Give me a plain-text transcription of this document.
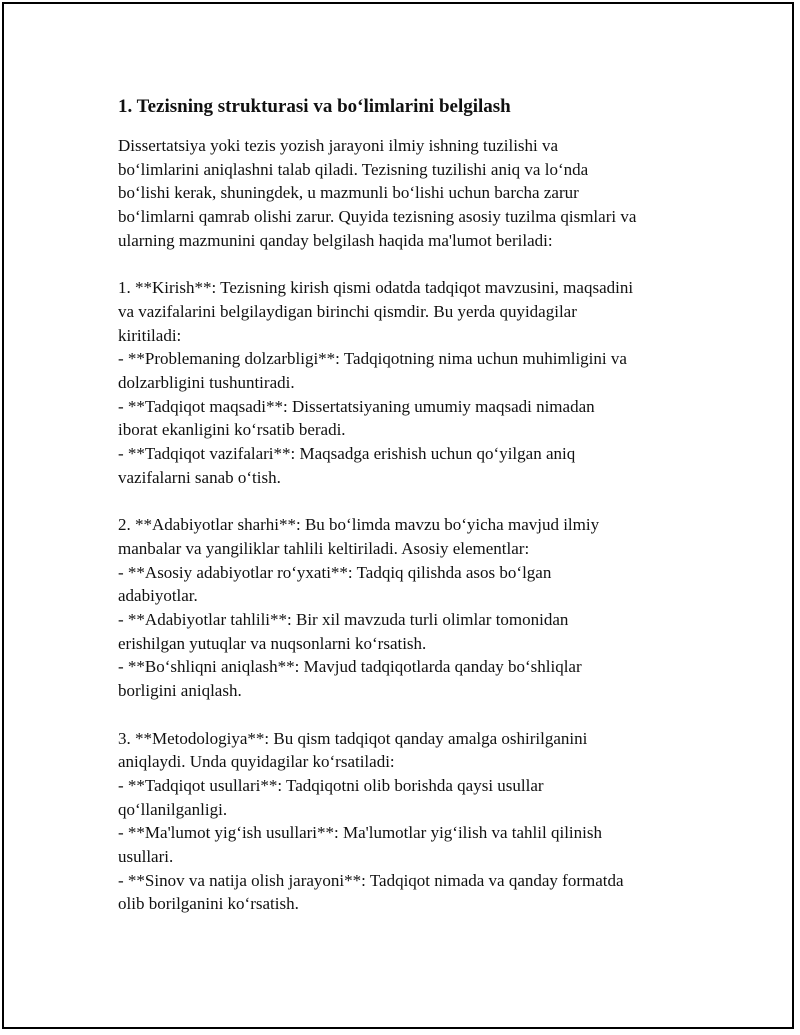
1. Tezisning strukturasi va bo‘limlarini belgilash

Dissertatsiya yoki tezis yozish jarayoni ilmiy ishning tuzilishi va
bo‘limlarini aniqlashni talab qiladi. Tezisning tuzilishi aniq va lo‘nda
bo‘lishi kerak, shuningdek, u mazmunli bo‘lishi uchun barcha zarur
bo‘limlarni qamrab olishi zarur. Quyida tezisning asosiy tuzilma qismlari va
ularning mazmunini qanday belgilash haqida ma'lumot beriladi:

1. **Kirish**: Tezisning kirish qismi odatda tadqiqot mavzusini, maqsadini
va vazifalarini belgilaydigan birinchi qismdir. Bu yerda quyidagilar
kiritiladi:
- **Problemaning dolzarbligi**: Tadqiqotning nima uchun muhimligini va
dolzarbligini tushuntiradi.
- **Tadqiqot maqsadi**: Dissertatsiyaning umumiy maqsadi nimadan
iborat ekanligini ko‘rsatib beradi.
- **Tadqiqot vazifalari**: Maqsadga erishish uchun qo‘yilgan aniq
vazifalarni sanab o‘tish.

2. **Adabiyotlar sharhi**: Bu bo‘limda mavzu bo‘yicha mavjud ilmiy
manbalar va yangiliklar tahlili keltiriladi. Asosiy elementlar:
- **Asosiy adabiyotlar ro‘yxati**: Tadqiq qilishda asos bo‘lgan
adabiyotlar.
- **Adabiyotlar tahlili**: Bir xil mavzuda turli olimlar tomonidan
erishilgan yutuqlar va nuqsonlarni ko‘rsatish.
- **Bo‘shliqni aniqlash**: Mavjud tadqiqotlarda qanday bo‘shliqlar
borligini aniqlash.

3. **Metodologiya**: Bu qism tadqiqot qanday amalga oshirilganini
aniqlaydi. Unda quyidagilar ko‘rsatiladi:
- **Tadqiqot usullari**: Tadqiqotni olib borishda qaysi usullar
qo‘llanilganligi.
- **Ma'lumot yig‘ish usullari**: Ma'lumotlar yig‘ilish va tahlil qilinish
usullari.
- **Sinov va natija olish jarayoni**: Tadqiqot nimada va qanday formatda
olib borilganini ko‘rsatish.
